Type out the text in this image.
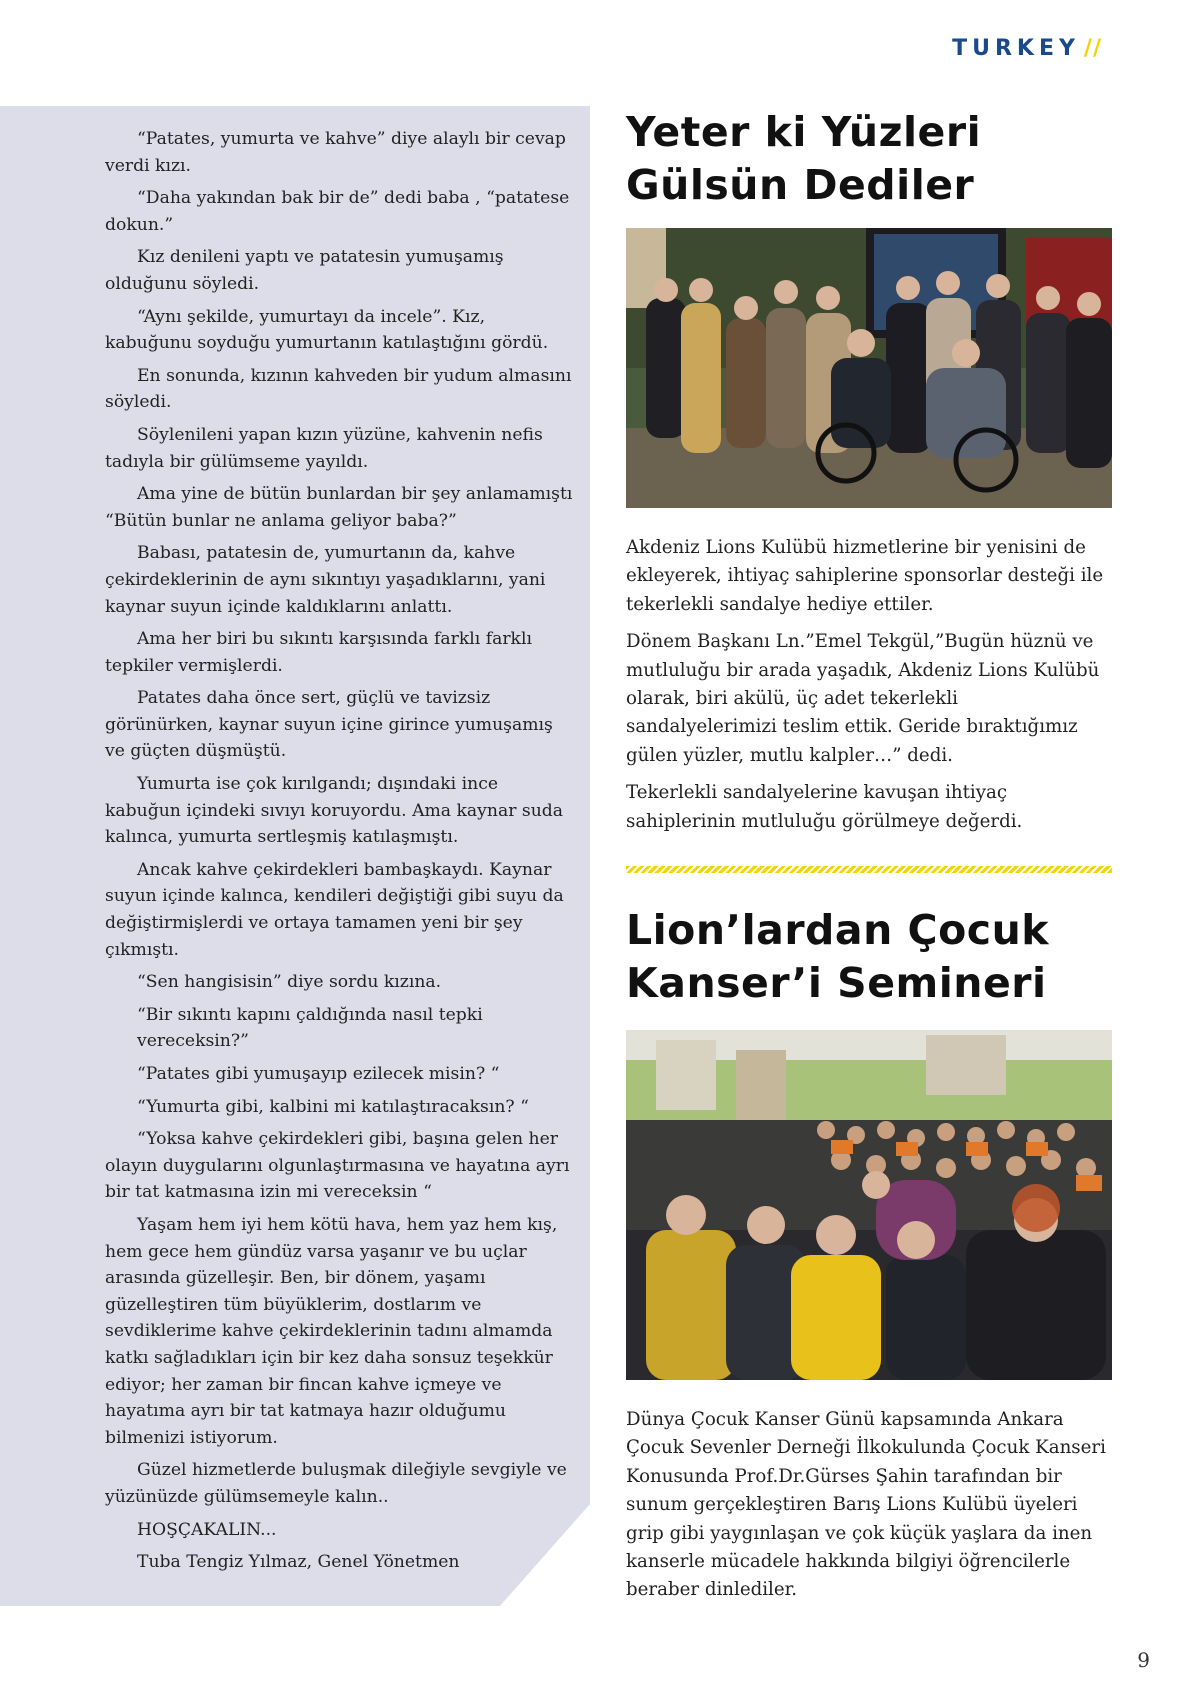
TURKEY //

“Patates, yumurta ve kahve” diye alaylı bir cevap verdi kızı.

“Daha yakından bak bir de” dedi baba , “patatese dokun.”

Kız denileni yaptı ve patatesin yumuşamış olduğunu söyledi.

“Aynı şekilde, yumurtayı da incele”. Kız, kabuğunu soyduğu yumurtanın katılaştığını gördü.

En sonunda, kızının kahveden bir yudum almasını söyledi.

Söylenileni yapan kızın yüzüne, kahvenin nefis tadıyla bir gülümseme yayıldı.

Ama yine de bütün bunlardan bir şey anlamamıştı “Bütün bunlar ne anlama geliyor baba?”

Babası, patatesin de, yumurtanın da, kahve çekirdeklerinin de aynı sıkıntıyı yaşadıklarını, yani kaynar suyun içinde kaldıklarını anlattı.

Ama her biri bu sıkıntı karşısında farklı farklı tepkiler vermişlerdi.

Patates daha önce sert, güçlü ve tavizsiz görünürken, kaynar suyun içine girince yumuşamış ve güçten düşmüştü.

Yumurta ise çok kırılgandı; dışındaki ince kabuğun içindeki sıvıyı koruyordu. Ama kaynar suda kalınca, yumurta sertleşmiş katılaşmıştı.

Ancak kahve çekirdekleri bambaşkaydı. Kaynar suyun içinde kalınca, kendileri değiştiği gibi suyu da değiştirmişlerdi ve ortaya tamamen yeni bir şey çıkmıştı.

“Sen hangisisin” diye sordu kızına.

“Bir sıkıntı kapını çaldığında nasıl tepki vereceksin?”

“Patates gibi yumuşayıp ezilecek misin? “

“Yumurta gibi, kalbini mi katılaştıracaksın? “

“Yoksa kahve çekirdekleri gibi, başına gelen her olayın duygularını olgunlaştırmasına ve hayatına ayrı bir tat katmasına izin mi vereceksin “

Yaşam hem iyi hem kötü hava, hem yaz hem kış, hem gece hem gündüz varsa yaşanır ve bu uçlar arasında güzelleşir. Ben, bir dönem, yaşamı güzelleştiren tüm büyüklerim, dostlarım ve sevdiklerime kahve çekirdeklerinin tadını almamda katkı sağladıkları için bir kez daha sonsuz teşekkür ediyor; her zaman bir fincan kahve içmeye ve hayatıma ayrı bir tat katmaya hazır olduğumu bilmenizi istiyorum.

Güzel hizmetlerde buluşmak dileğiyle sevgiyle ve yüzünüzde gülümsemeyle kalın..

HOŞÇAKALIN...

Tuba Tengiz Yılmaz, Genel Yönetmen

Yeter ki Yüzleri
Gülsün Dediler

Akdeniz Lions Kulübü hizmetlerine bir yenisini de ekleyerek, ihtiyaç sahiplerine sponsorlar desteği ile tekerlekli sandalye hediye ettiler.

Dönem Başkanı Ln.”Emel Tekgül,”Bugün hüznü ve mutluluğu bir arada yaşadık, Akdeniz Lions Kulübü olarak, biri akülü, üç adet tekerlekli sandalyelerimizi teslim ettik. Geride bıraktığımız gülen yüzler, mutlu kalpler…” dedi.

Tekerlekli sandalyelerine kavuşan ihtiyaç sahiplerinin mutluluğu görülmeye değerdi.

Lion’lardan Çocuk
Kanser’i Semineri

Dünya Çocuk Kanser Günü kapsamında Ankara Çocuk Sevenler Derneği İlkokulunda Çocuk Kanseri Konusunda Prof.Dr.Gürses Şahin tarafından bir sunum gerçekleştiren Barış Lions Kulübü üyeleri grip gibi yaygınlaşan ve çok küçük yaşlara da inen kanserle mücadele hakkında bilgiyi öğrencilerle beraber dinlediler.

9
